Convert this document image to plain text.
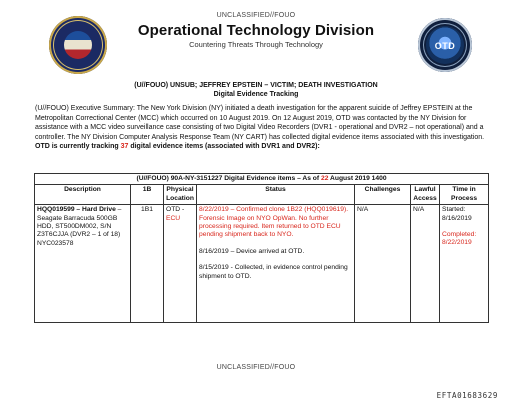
UNCLASSIFIED//FOUO
Operational Technology Division
Countering Threats Through Technology	OTD
(U//FOUO) UNSUB; JEFFREY EPSTEIN – VICTIM; DEATH INVESTIGATION
Digital Evidence Tracking

(U//FOUO) Executive Summary: The New York Division (NY) initiated a death investigation for the apparent suicide of Jeffrey EPSTEIN at the Metropolitan Correctional Center (MCC) which occurred on 10 August 2019. On 12 August 2019, OTD was contacted by the NY Division for assistance with a MCC video surveillance case consisting of two Digital Video Recorders (DVR1 - operational and DVR2 – not operational) and a controller. The NY Division Computer Analysis Response Team (NY CART) has collected digital evidence items associated with this investigation. OTD is currently tracking 37 digital evidence items (associated with DVR1 and DVR2):

(U//FOUO) 90A-NY-3151227 Digital Evidence items – As of 22 August 2019 1400						
Description	1B	Physical Location	Status	Challenges	Lawful Access	Time in Process
HQQ019599 – Hard Drive – Seagate Barracuda 500GB HDD, ST500DM002, S/N Z3T6CJJA (DVR2 – 1 of 18) NYC023578	1B1	OTD - ECU	8/22/2019 – Confirmed clone 1B22 (HQQ019619). Forensic Image on NYO OpWan. No further processing required. Item returned to OTD ECU pending shipment back to NYO.
8/16/2019 – Device arrived at OTD.
8/15/2019 - Collected, in evidence control pending shipment to OTD.	N/A	N/A	Started: 8/16/2019
Completed: 8/22/2019
UNCLASSIFIED//FOUO
EFTA01683629
